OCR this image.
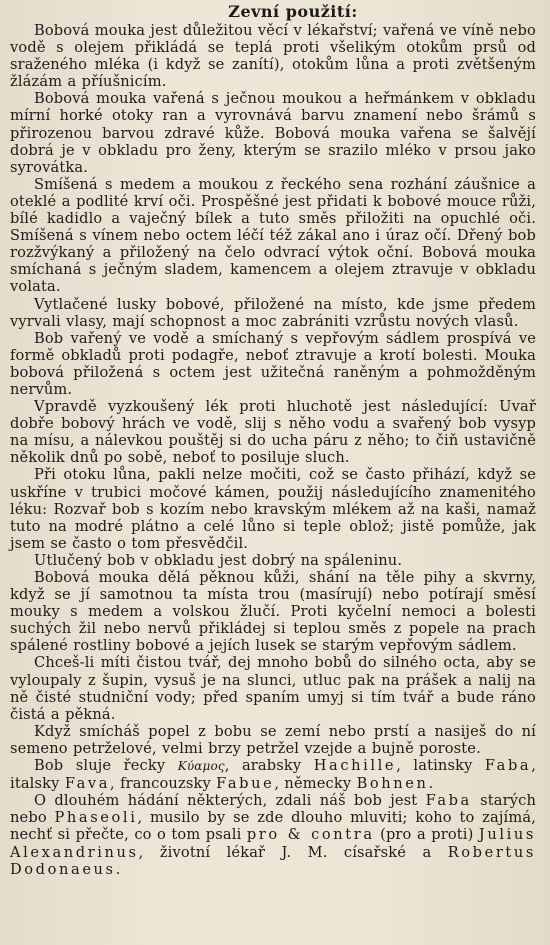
Zevní použití:

Bobová mouka jest důležitou věcí v lékařství; vařená ve víně nebo vodě s olejem přikládá se teplá proti všelikým otokům prsů od sraženého mléka (i když se zanítí), otokům lůna a proti zvětšeným žlázám a příušnicím.

Bobová mouka vařená s ječnou moukou a heřmánkem v obkladu mírní horké otoky ran a vyrovnává barvu znamení nebo šrámů s přirozenou barvou zdravé kůže. Bobová mouka vařena se šalvějí dobrá je v obkladu pro ženy, kterým se srazilo mléko v prsou jako syrovátka.

Smíšená s medem a moukou z řeckého sena rozhání záušnice a oteklé a podlité krví oči. Prospěšné jest přidati k bobové mouce růži, bílé kadidlo a vaječný bílek a tuto směs přiložiti na opuchlé oči. Smíšená s vínem nebo octem léčí též zákal ano i úraz očí. Dřený bob rozžvýkaný a přiložený na čelo odvrací výtok oční. Bobová mouka smíchaná s ječným sladem, kamencem a olejem ztravuje v obkladu volata.

Vytlačené lusky bobové, přiložené na místo, kde jsme předem vyrvali vlasy, mají schopnost a moc zabrániti vzrůstu nových vlasů.

Bob vařený ve vodě a smíchaný s vepřovým sádlem prospívá ve formě obkladů proti podagře, neboť ztravuje a krotí bolesti. Mouka bobová přiložená s octem jest užitečná raněným a pohmožděným nervům.

Vpravdě vyzkoušený lék proti hluchotě jest následující: Uvař dobře bobový hrách ve vodě, slij s něho vodu a svařený bob vysyp na mísu, a nálevkou pouštěj si do ucha páru z něho; to čiň ustavičně několik dnů po sobě, neboť to posiluje sluch.

Při otoku lůna, pakli nelze močiti, což se často přihází, když se uskříne v trubici močové kámen, použij následujícího znamenitého léku: Rozvař bob s kozím nebo kravským mlékem až na kaši, namaž tuto na modré plátno a celé lůno si teple oblož; jistě pomůže, jak jsem se často o tom přesvědčil.

Utlučený bob v obkladu jest dobrý na spáleninu.

Bobová mouka dělá pěknou kůži, shání na těle pihy a skvrny, když se jí samotnou ta místa trou (masírují) nebo potírají směsí mouky s medem a volskou žlučí. Proti kyčelní nemoci a bolesti suchých žil nebo nervů přikládej si teplou směs z popele na prach spálené rostliny bobové a jejích lusek se starým vepřovým sádlem.

Chceš-li míti čistou tvář, dej mnoho bobů do silného octa, aby se vyloupaly z šupin, vysuš je na slunci, utluc pak na prášek a nalij na ně čisté studniční vody; před spaním umyj si tím tvář a bude ráno čistá a pěkná.

Když smícháš popel z bobu se zemí nebo prstí a nasiješ do ní semeno petrželové, velmi brzy petržel vzejde a bujně poroste.

Bob sluje řecky Κύαμος, arabsky Hachille, latinsky Faba, italsky Fava, francouzsky Fabue, německy Bohnen.

O dlouhém hádání některých, zdali náš bob jest Faba starých nebo Phaseoli, musilo by se zde dlouho mluviti; koho to zajímá, nechť si přečte, co o tom psali pro & contra (pro a proti) Julius Alexandrinus, životní lékař J. M. císařské a Robertus Dodonaeus.
